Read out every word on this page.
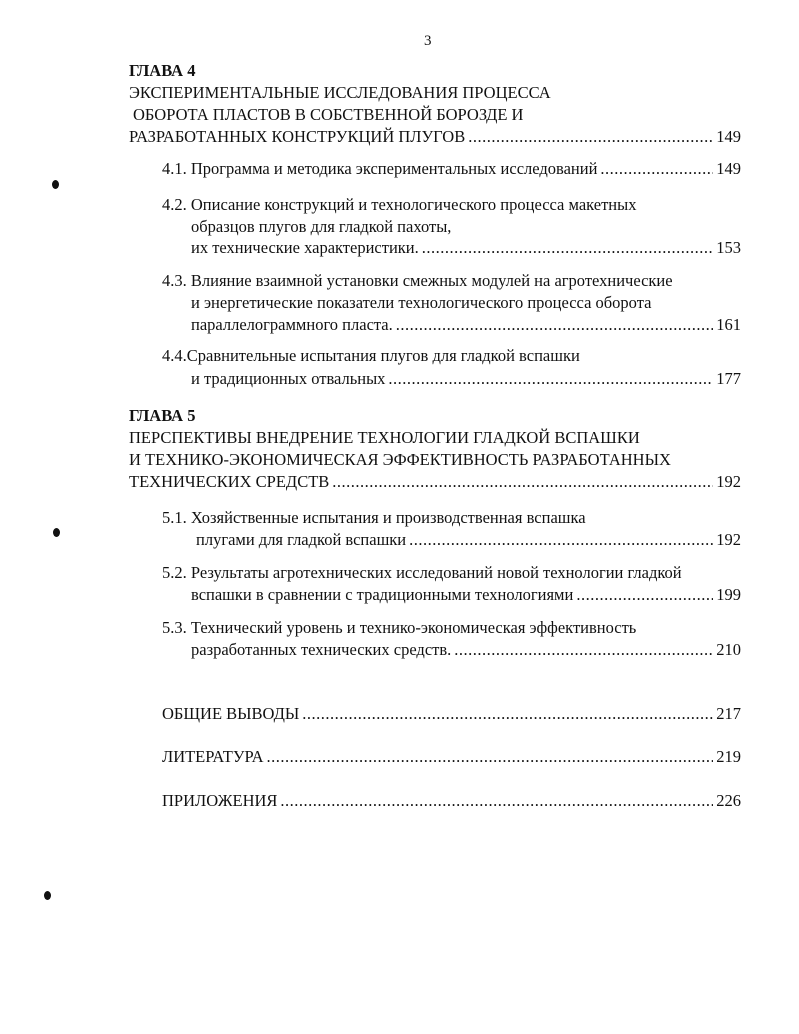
3
ГЛАВА 4
ЭКСПЕРИМЕНТАЛЬНЫЕ ИССЛЕДОВАНИЯ ПРОЦЕССА
ОБОРОТА ПЛАСТОВ В СОБСТВЕННОЙ БОРОЗДЕ И
РАЗРАБОТАННЫХ КОНСТРУКЦИЙ ПЛУГОВ .....	149
4.1. Программа и методика экспериментальных исследований .....	149
4.2. Описание конструкций и технологического процесса макетных
образцов плугов для гладкой пахоты,
их технические характеристики. .....	153
4.3. Влияние взаимной установки смежных модулей на агротехнические
и энергетические показатели технологического процесса оборота
параллелограммного пласта. .....	161
4.4.Сравнительные испытания плугов для гладкой вспашки
и традиционных отвальных .....	177
ГЛАВА 5
ПЕРСПЕКТИВЫ ВНЕДРЕНИЕ ТЕХНОЛОГИИ ГЛАДКОЙ ВСПАШКИ
И ТЕХНИКО-ЭКОНОМИЧЕСКАЯ ЭФФЕКТИВНОСТЬ РАЗРАБОТАННЫХ
ТЕХНИЧЕСКИХ СРЕДСТВ .....	192
5.1. Хозяйственные испытания и производственная вспашка
плугами для гладкой вспашки .....	192
5.2. Результаты агротехнических исследований новой технологии гладкой
вспашки в сравнении с традиционными технологиями .....	199
5.3. Технический уровень и технико-экономическая эффективность
разработанных технических средств. .....	210
ОБЩИЕ ВЫВОДЫ .....	217
ЛИТЕРАТУРА .....	219
ПРИЛОЖЕНИЯ .....	226
